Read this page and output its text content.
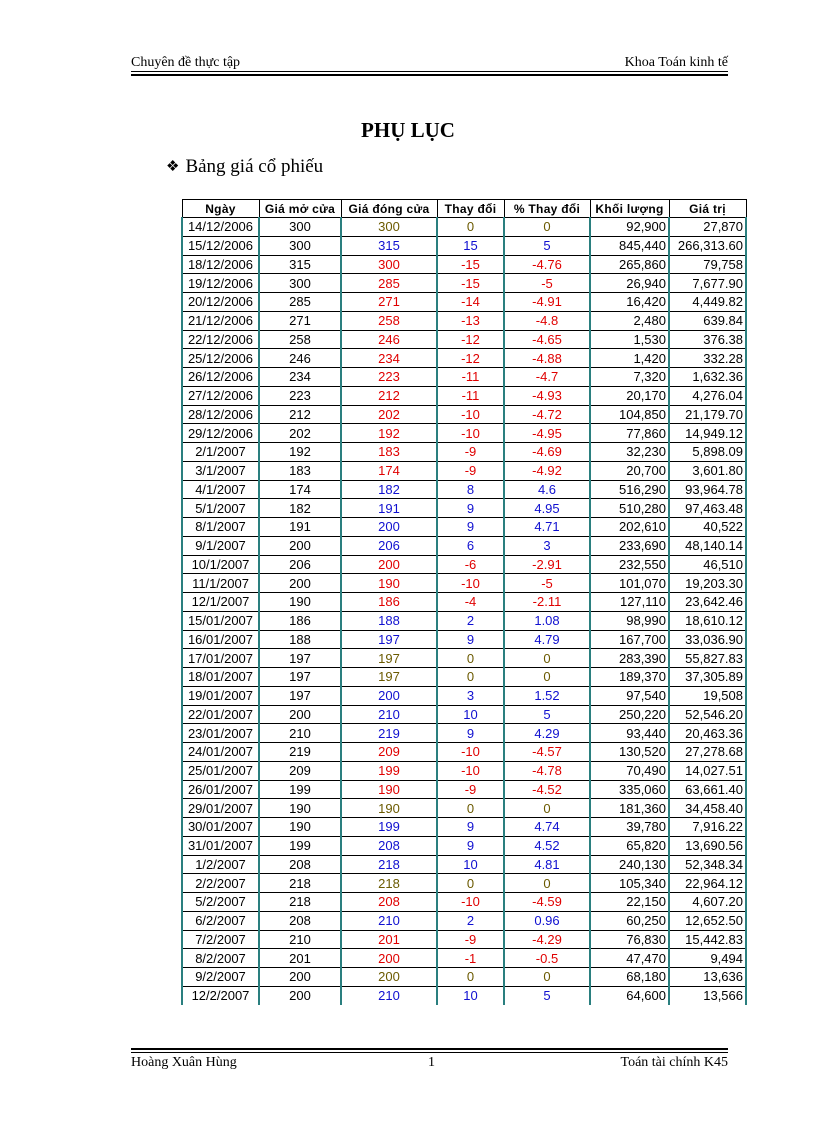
Chuyên đề thực tập	Khoa Toán kinh tế
PHỤ LỤC
❖ Bảng giá cổ phiếu
Ngày	Giá mở cửa	Giá đóng cửa	Thay đổi	% Thay đổi	Khối lượng	Giá trị
14/12/2006	300	300	0	0	92,900	27,870
15/12/2006	300	315	15	5	845,440	266,313.60
18/12/2006	315	300	-15	-4.76	265,860	79,758
19/12/2006	300	285	-15	-5	26,940	7,677.90
20/12/2006	285	271	-14	-4.91	16,420	4,449.82
21/12/2006	271	258	-13	-4.8	2,480	639.84
22/12/2006	258	246	-12	-4.65	1,530	376.38
25/12/2006	246	234	-12	-4.88	1,420	332.28
26/12/2006	234	223	-11	-4.7	7,320	1,632.36
27/12/2006	223	212	-11	-4.93	20,170	4,276.04
28/12/2006	212	202	-10	-4.72	104,850	21,179.70
29/12/2006	202	192	-10	-4.95	77,860	14,949.12
2/1/2007	192	183	-9	-4.69	32,230	5,898.09
3/1/2007	183	174	-9	-4.92	20,700	3,601.80
4/1/2007	174	182	8	4.6	516,290	93,964.78
5/1/2007	182	191	9	4.95	510,280	97,463.48
8/1/2007	191	200	9	4.71	202,610	40,522
9/1/2007	200	206	6	3	233,690	48,140.14
10/1/2007	206	200	-6	-2.91	232,550	46,510
11/1/2007	200	190	-10	-5	101,070	19,203.30
12/1/2007	190	186	-4	-2.11	127,110	23,642.46
15/01/2007	186	188	2	1.08	98,990	18,610.12
16/01/2007	188	197	9	4.79	167,700	33,036.90
17/01/2007	197	197	0	0	283,390	55,827.83
18/01/2007	197	197	0	0	189,370	37,305.89
19/01/2007	197	200	3	1.52	97,540	19,508
22/01/2007	200	210	10	5	250,220	52,546.20
23/01/2007	210	219	9	4.29	93,440	20,463.36
24/01/2007	219	209	-10	-4.57	130,520	27,278.68
25/01/2007	209	199	-10	-4.78	70,490	14,027.51
26/01/2007	199	190	-9	-4.52	335,060	63,661.40
29/01/2007	190	190	0	0	181,360	34,458.40
30/01/2007	190	199	9	4.74	39,780	7,916.22
31/01/2007	199	208	9	4.52	65,820	13,690.56
1/2/2007	208	218	10	4.81	240,130	52,348.34
2/2/2007	218	218	0	0	105,340	22,964.12
5/2/2007	218	208	-10	-4.59	22,150	4,607.20
6/2/2007	208	210	2	0.96	60,250	12,652.50
7/2/2007	210	201	-9	-4.29	76,830	15,442.83
8/2/2007	201	200	-1	-0.5	47,470	9,494
9/2/2007	200	200	0	0	68,180	13,636
12/2/2007	200	210	10	5	64,600	13,566
Hoàng Xuân Hùng	1	Toán tài chính K45
